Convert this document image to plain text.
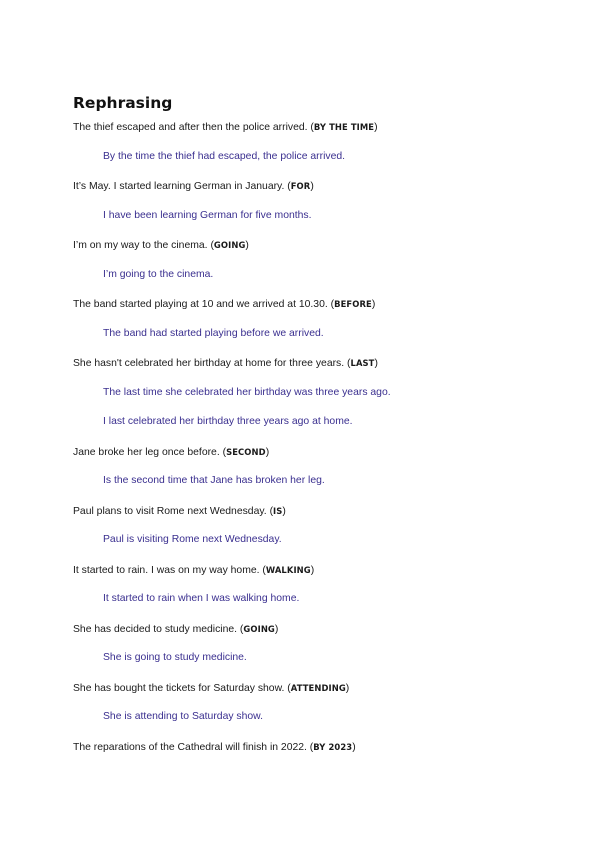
Rephrasing
The thief escaped and after then the police arrived. (BY THE TIME)
By the time the thief had escaped, the police arrived.
It’s May. I started learning German in January. (FOR)
I have been learning German for five months.
I’m on my way to the cinema. (GOING)
I’m going to the cinema.
The band started playing at 10 and we arrived at 10.30. (BEFORE)
The band had started playing before we arrived.
She hasn't celebrated her birthday at home for three years. (LAST)
The last time she celebrated her birthday was three years ago.
I last celebrated her birthday three years ago at home.
Jane broke her leg once before. (SECOND)
Is the second time that Jane has broken her leg.
Paul plans to visit Rome next Wednesday. (IS)
Paul is visiting Rome next Wednesday.
It started to rain. I was on my way home. (WALKING)
It started to rain when I was walking home.
She has decided to study medicine. (GOING)
She is going to study medicine.
She has bought the tickets for Saturday show. (ATTENDING)
She is attending to Saturday show.
The reparations of the Cathedral will finish in 2022. (BY 2023)
